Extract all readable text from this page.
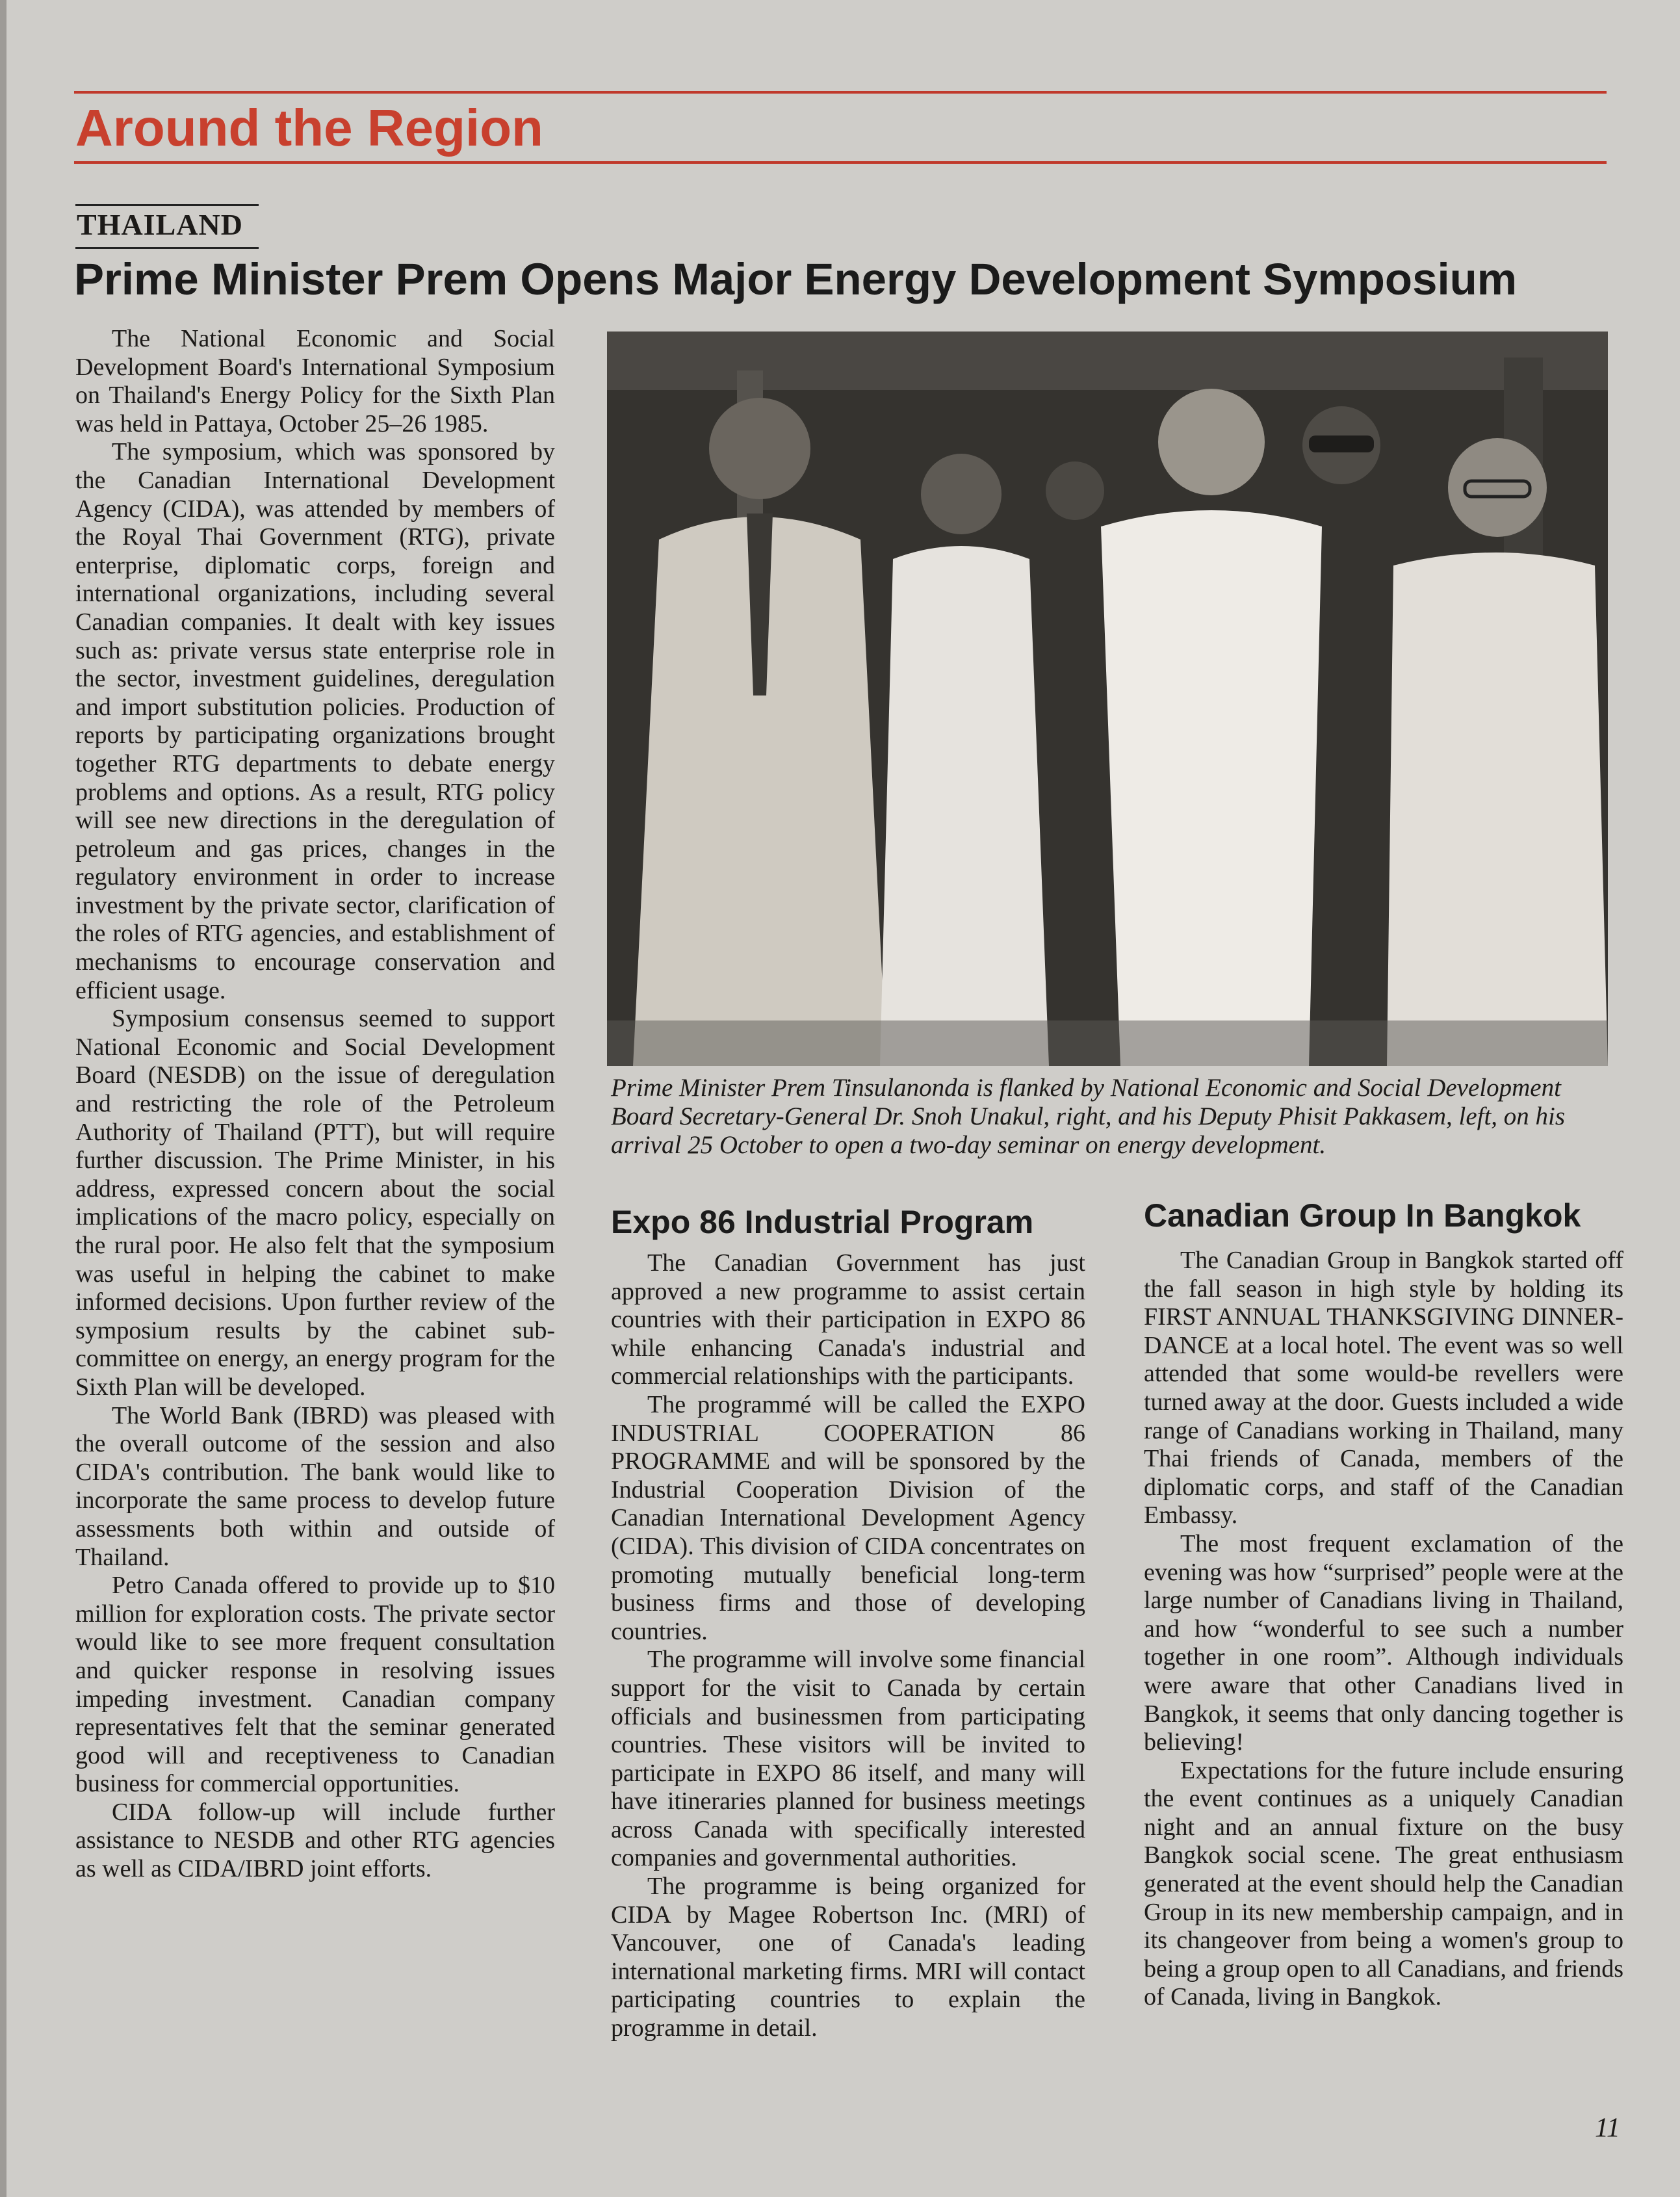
Around the Region
THAILAND
Prime Minister Prem Opens Major Energy Development Symposium

The National Economic and Social Development Board's International Symposium on Thailand's Energy Policy for the Sixth Plan was held in Pattaya, October 25–26 1985.

The symposium, which was sponsored by the Canadian International Development Agency (CIDA), was attended by members of the Royal Thai Government (RTG), private enterprise, diplomatic corps, foreign and international organizations, including several Canadian companies. It dealt with key issues such as: private versus state enterprise role in the sector, investment guidelines, deregulation and import substitution policies. Production of reports by participating organizations brought together RTG departments to debate energy problems and options. As a result, RTG policy will see new directions in the deregulation of petroleum and gas prices, changes in the regulatory environment in order to increase investment by the private sector, clarification of the roles of RTG agencies, and establishment of mechanisms to encourage conservation and efficient usage.

Symposium consensus seemed to support National Economic and Social Development Board (NESDB) on the issue of deregulation and restricting the role of the Petroleum Authority of Thailand (PTT), but will require further discussion. The Prime Minister, in his address, expressed concern about the social implications of the macro policy, especially on the rural poor. He also felt that the symposium was useful in helping the cabinet to make informed decisions. Upon further review of the symposium results by the cabinet sub-committee on energy, an energy program for the Sixth Plan will be developed.

The World Bank (IBRD) was pleased with the overall outcome of the session and also CIDA's contribution. The bank would like to incorporate the same process to develop future assessments both within and outside of Thailand.

Petro Canada offered to provide up to $10 million for exploration costs. The private sector would like to see more frequent consultation and quicker response in resolving issues impeding investment. Canadian company representatives felt that the seminar generated good will and receptiveness to Canadian business for commercial opportunities.

CIDA follow-up will include further assistance to NESDB and other RTG agencies as well as CIDA/IBRD joint efforts.

Prime Minister Prem Tinsulanonda is flanked by National Economic and Social Development Board Secretary-General Dr. Snoh Unakul, right, and his Deputy Phisit Pakkasem, left, on his arrival 25 October to open a two-day seminar on energy development.

Expo 86 Industrial Program

The Canadian Government has just approved a new programme to assist certain countries with their participation in EXPO 86 while enhancing Canada's industrial and commercial relationships with the participants.

The programmé will be called the EXPO INDUSTRIAL COOPERATION 86 PROGRAMME and will be sponsored by the Industrial Cooperation Division of the Canadian International Development Agency (CIDA). This division of CIDA concentrates on promoting mutually beneficial long-term business firms and those of developing countries.

The programme will involve some financial support for the visit to Canada by certain officials and businessmen from participating countries. These visitors will be invited to participate in EXPO 86 itself, and many will have itineraries planned for business meetings across Canada with specifically interested companies and governmental authorities.

The programme is being organized for CIDA by Magee Robertson Inc. (MRI) of Vancouver, one of Canada's leading international marketing firms. MRI will contact participating countries to explain the programme in detail.

Canadian Group In Bangkok

The Canadian Group in Bangkok started off the fall season in high style by holding its FIRST ANNUAL THANKSGIVING DINNER-DANCE at a local hotel. The event was so well attended that some would-be revellers were turned away at the door. Guests included a wide range of Canadians working in Thailand, many Thai friends of Canada, members of the diplomatic corps, and staff of the Canadian Embassy.

The most frequent exclamation of the evening was how “surprised” people were at the large number of Canadians living in Thailand, and how “wonderful to see such a number together in one room”. Although individuals were aware that other Canadians lived in Bangkok, it seems that only dancing together is believing!

Expectations for the future include ensuring the event continues as a uniquely Canadian night and an annual fixture on the busy Bangkok social scene. The great enthusiasm generated at the event should help the Canadian Group in its new membership campaign, and in its changeover from being a women's group to being a group open to all Canadians, and friends of Canada, living in Bangkok.

11
